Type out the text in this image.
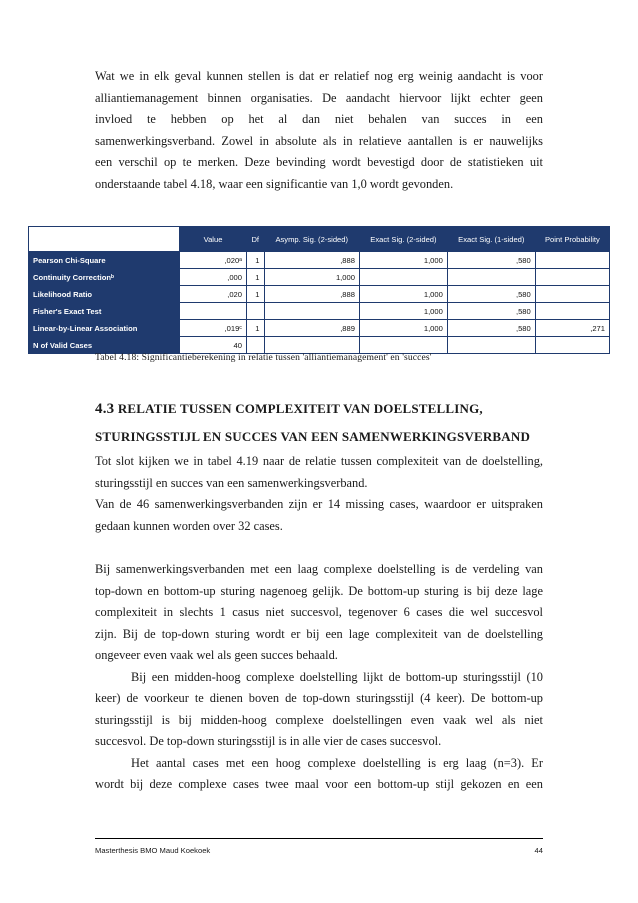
Wat we in elk geval kunnen stellen is dat er relatief nog erg weinig aandacht is voor
alliantiemanagement binnen organisaties. De aandacht hiervoor lijkt echter geen
invloed te hebben op het al dan niet behalen van succes in een
samenwerkingsverband. Zowel in absolute als in relatieve aantallen is er nauwelijks
een verschil op te merken. Deze bevinding wordt bevestigd door de statistieken uit
onderstaande tabel 4.18, waar een significantie van 1,0 wordt gevonden.
	Value	Df	Asymp. Sig. (2-sided)	Exact Sig. (2-sided)	Exact Sig. (1-sided)	Point Probability
Pearson Chi-Square	,020ᵃ	1	,888	1,000	,580	
Continuity Correctionᵇ	,000	1	1,000			
Likelihood Ratio	,020	1	,888	1,000	,580	
Fisher's Exact Test				1,000	,580	
Linear-by-Linear Association	,019ᶜ	1	,889	1,000	,580	,271
N of Valid Cases	40					
Tabel 4.18: Significantieberekening in relatie tussen 'alliantiemanagement' en 'succes'
4.3 RELATIE TUSSEN COMPLEXITEIT VAN DOELSTELLING,
STURINGSSTIJL EN SUCCES VAN EEN SAMENWERKINGSVERBAND
Tot slot kijken we in tabel 4.19 naar de relatie tussen complexiteit van de doelstelling,
sturingsstijl en succes van een samenwerkingsverband.
Van de 46 samenwerkingsverbanden zijn er 14 missing cases, waardoor er uitspraken
gedaan kunnen worden over 32 cases.
Bij samenwerkingsverbanden met een laag complexe doelstelling is de verdeling van
top-down en bottom-up sturing nagenoeg gelijk. De bottom-up sturing is bij deze lage
complexiteit in slechts 1 casus niet succesvol, tegenover 6 cases die wel succesvol
zijn. Bij de top-down sturing wordt er bij een lage complexiteit van de doelstelling
ongeveer even vaak wel als geen succes behaald.
Bij een midden-hoog complexe doelstelling lijkt de bottom-up sturingsstijl (10
keer) de voorkeur te dienen boven de top-down sturingsstijl (4 keer). De bottom-up
sturingsstijl is bij midden-hoog complexe doelstellingen even vaak wel als niet
succesvol. De top-down sturingsstijl is in alle vier de cases succesvol.
Het aantal cases met een hoog complexe doelstelling is erg laag (n=3). Er
wordt bij deze complexe cases twee maal voor een bottom-up stijl gekozen en een
Masterthesis BMO Maud Koekoek	44
